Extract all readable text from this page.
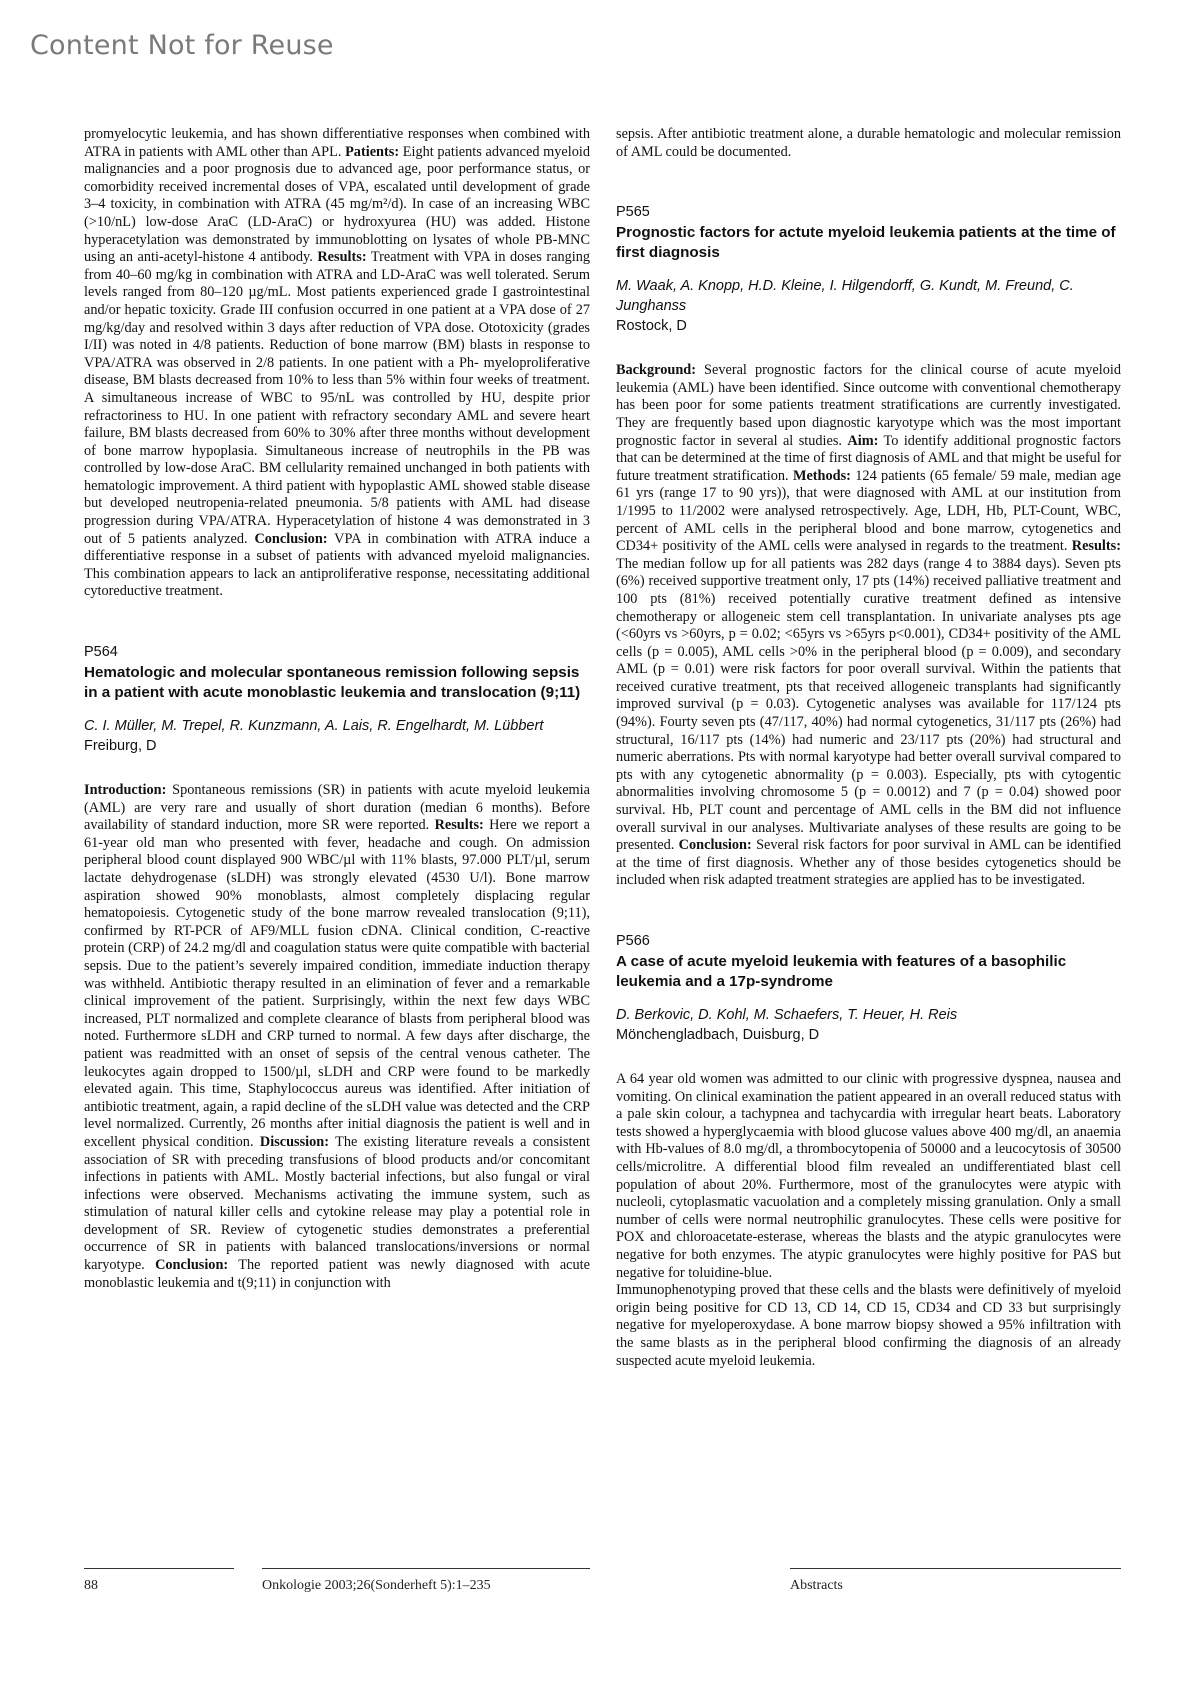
Content Not for Reuse

promyelocytic leukemia, and has shown differentiative responses when combined with ATRA in patients with AML other than APL. Patients: Eight patients advanced myeloid malignancies and a poor prognosis due to advanced age, poor performance status, or comorbidity received incremental doses of VPA, escalated until development of grade 3–4 toxicity, in combination with ATRA (45 mg/m²/d). In case of an increasing WBC (>10/nL) low-dose AraC (LD-AraC) or hydroxyurea (HU) was added. Histone hyperacetylation was demonstrated by immunoblotting on lysates of whole PB-MNC using an anti-acetyl-histone 4 antibody. Results: Treatment with VPA in doses ranging from 40–60 mg/kg in combination with ATRA and LD-AraC was well tolerated. Serum levels ranged from 80–120 µg/mL. Most patients experienced grade I gastrointestinal and/or hepatic toxicity. Grade III confusion occurred in one patient at a VPA dose of 27 mg/kg/day and resolved within 3 days after reduction of VPA dose. Ototoxicity (grades I/II) was noted in 4/8 patients. Reduction of bone marrow (BM) blasts in response to VPA/ATRA was observed in 2/8 patients. In one patient with a Ph- myeloproliferative disease, BM blasts decreased from 10% to less than 5% within four weeks of treatment. A simultaneous increase of WBC to 95/nL was controlled by HU, despite prior refractoriness to HU. In one patient with refractory secondary AML and severe heart failure, BM blasts decreased from 60% to 30% after three months without development of bone marrow hypoplasia. Simultaneous increase of neutrophils in the PB was controlled by low-dose AraC. BM cellularity remained unchanged in both patients with hematologic improvement. A third patient with hypoplastic AML showed stable disease but developed neutropenia-related pneumonia. 5/8 patients with AML had disease progression during VPA/ATRA. Hyperacetylation of histone 4 was demonstrated in 3 out of 5 patients analyzed. Conclusion: VPA in combination with ATRA induce a differentiative response in a subset of patients with advanced myeloid malignancies. This combination appears to lack an antiproliferative response, necessitating additional cytoreductive treatment.

P564

Hematologic and molecular spontaneous remission following sepsis in a patient with acute monoblastic leukemia and translocation (9;11)

C. I. Müller, M. Trepel, R. Kunzmann, A. Lais, R. Engelhardt, M. Lübbert

Freiburg, D

Introduction: Spontaneous remissions (SR) in patients with acute myeloid leukemia (AML) are very rare and usually of short duration (median 6 months). Before availability of standard induction, more SR were reported. Results: Here we report a 61-year old man who presented with fever, headache and cough. On admission peripheral blood count displayed 900 WBC/µl with 11% blasts, 97.000 PLT/µl, serum lactate dehydrogenase (sLDH) was strongly elevated (4530 U/l). Bone marrow aspiration showed 90% monoblasts, almost completely displacing regular hematopoiesis. Cytogenetic study of the bone marrow revealed translocation (9;11), confirmed by RT-PCR of AF9/MLL fusion cDNA. Clinical condition, C-reactive protein (CRP) of 24.2 mg/dl and coagulation status were quite compatible with bacterial sepsis. Due to the patient’s severely impaired condition, immediate induction therapy was withheld. Antibiotic therapy resulted in an elimination of fever and a remarkable clinical improvement of the patient. Surprisingly, within the next few days WBC increased, PLT normalized and complete clearance of blasts from peripheral blood was noted. Furthermore sLDH and CRP turned to normal. A few days after discharge, the patient was readmitted with an onset of sepsis of the central venous catheter. The leukocytes again dropped to 1500/µl, sLDH and CRP were found to be markedly elevated again. This time, Staphylococcus aureus was identified. After initiation of antibiotic treatment, again, a rapid decline of the sLDH value was detected and the CRP level normalized. Currently, 26 months after initial diagnosis the patient is well and in excellent physical condition. Discussion: The existing literature reveals a consistent association of SR with preceding transfusions of blood products and/or concomitant infections in patients with AML. Mostly bacterial infections, but also fungal or viral infections were observed. Mechanisms activating the immune system, such as stimulation of natural killer cells and cytokine release may play a potential role in development of SR. Review of cytogenetic studies demonstrates a preferential occurrence of SR in patients with balanced translocations/inversions or normal karyotype. Conclusion: The reported patient was newly diagnosed with acute monoblastic leukemia and t(9;11) in conjunction with

sepsis. After antibiotic treatment alone, a durable hematologic and molecular remission of AML could be documented.

P565

Prognostic factors for actute myeloid leukemia patients at the time of first diagnosis

M. Waak, A. Knopp, H.D. Kleine, I. Hilgendorff, G. Kundt, M. Freund, C. Junghanss

Rostock, D

Background: Several prognostic factors for the clinical course of acute myeloid leukemia (AML) have been identified. Since outcome with conventional chemotherapy has been poor for some patients treatment stratifications are currently investigated. They are frequently based upon diagnostic karyotype which was the most important prognostic factor in several al studies. Aim: To identify additional prognostic factors that can be determined at the time of first diagnosis of AML and that might be useful for future treatment stratification. Methods: 124 patients (65 female/ 59 male, median age 61 yrs (range 17 to 90 yrs)), that were diagnosed with AML at our institution from 1/1995 to 11/2002 were analysed retrospectively. Age, LDH, Hb, PLT-Count, WBC, percent of AML cells in the peripheral blood and bone marrow, cytogenetics and CD34+ positivity of the AML cells were analysed in regards to the treatment. Results: The median follow up for all patients was 282 days (range 4 to 3884 days). Seven pts (6%) received supportive treatment only, 17 pts (14%) received palliative treatment and 100 pts (81%) received potentially curative treatment defined as intensive chemotherapy or allogeneic stem cell transplantation. In univariate analyses pts age (<60yrs vs >60yrs, p = 0.02; <65yrs vs >65yrs p<0.001), CD34+ positivity of the AML cells (p = 0.005), AML cells >0% in the peripheral blood (p = 0.009), and secondary AML (p = 0.01) were risk factors for poor overall survival. Within the patients that received curative treatment, pts that received allogeneic transplants had significantly improved survival (p = 0.03). Cytogenetic analyses was available for 117/124 pts (94%). Fourty seven pts (47/117, 40%) had normal cytogenetics, 31/117 pts (26%) had structural, 16/117 pts (14%) had numeric and 23/117 pts (20%) had structural and numeric aberrations. Pts with normal karyotype had better overall survival compared to pts with any cytogenetic abnormality (p = 0.003). Especially, pts with cytogentic abnormalities involving chromosome 5 (p = 0.0012) and 7 (p = 0.04) showed poor survival. Hb, PLT count and percentage of AML cells in the BM did not influence overall survival in our analyses. Multivariate analyses of these results are going to be presented. Conclusion: Several risk factors for poor survival in AML can be identified at the time of first diagnosis. Whether any of those besides cytogenetics should be included when risk adapted treatment strategies are applied has to be investigated.

P566

A case of acute myeloid leukemia with features of a basophilic leukemia and a 17p-syndrome

D. Berkovic, D. Kohl, M. Schaefers, T. Heuer, H. Reis

Mönchengladbach, Duisburg, D

A 64 year old women was admitted to our clinic with progressive dyspnea, nausea and vomiting. On clinical examination the patient appeared in an overall reduced status with a pale skin colour, a tachypnea and tachycardia with irregular heart beats. Laboratory tests showed a hyperglycaemia with blood glucose values above 400 mg/dl, an anaemia with Hb-values of 8.0 mg/dl, a thrombocytopenia of 50000 and a leucocytosis of 30500 cells/microlitre. A differential blood film revealed an undifferentiated blast cell population of about 20%. Furthermore, most of the granulocytes were atypic with nucleoli, cytoplasmatic vacuolation and a completely missing granulation. Only a small number of cells were normal neutrophilic granulocytes. These cells were positive for POX and chloroacetate-esterase, whereas the blasts and the atypic granulocytes were negative for both enzymes. The atypic granulocytes were highly positive for PAS but negative for toluidine-blue.

Immunophenotyping proved that these cells and the blasts were definitively of myeloid origin being positive for CD 13, CD 14, CD 15, CD34 and CD 33 but surprisingly negative for myeloperoxydase. A bone marrow biopsy showed a 95% infiltration with the same blasts as in the peripheral blood confirming the diagnosis of an already suspected acute myeloid leukemia.

88	Onkologie 2003;26(Sonderheft 5):1–235	Abstracts
